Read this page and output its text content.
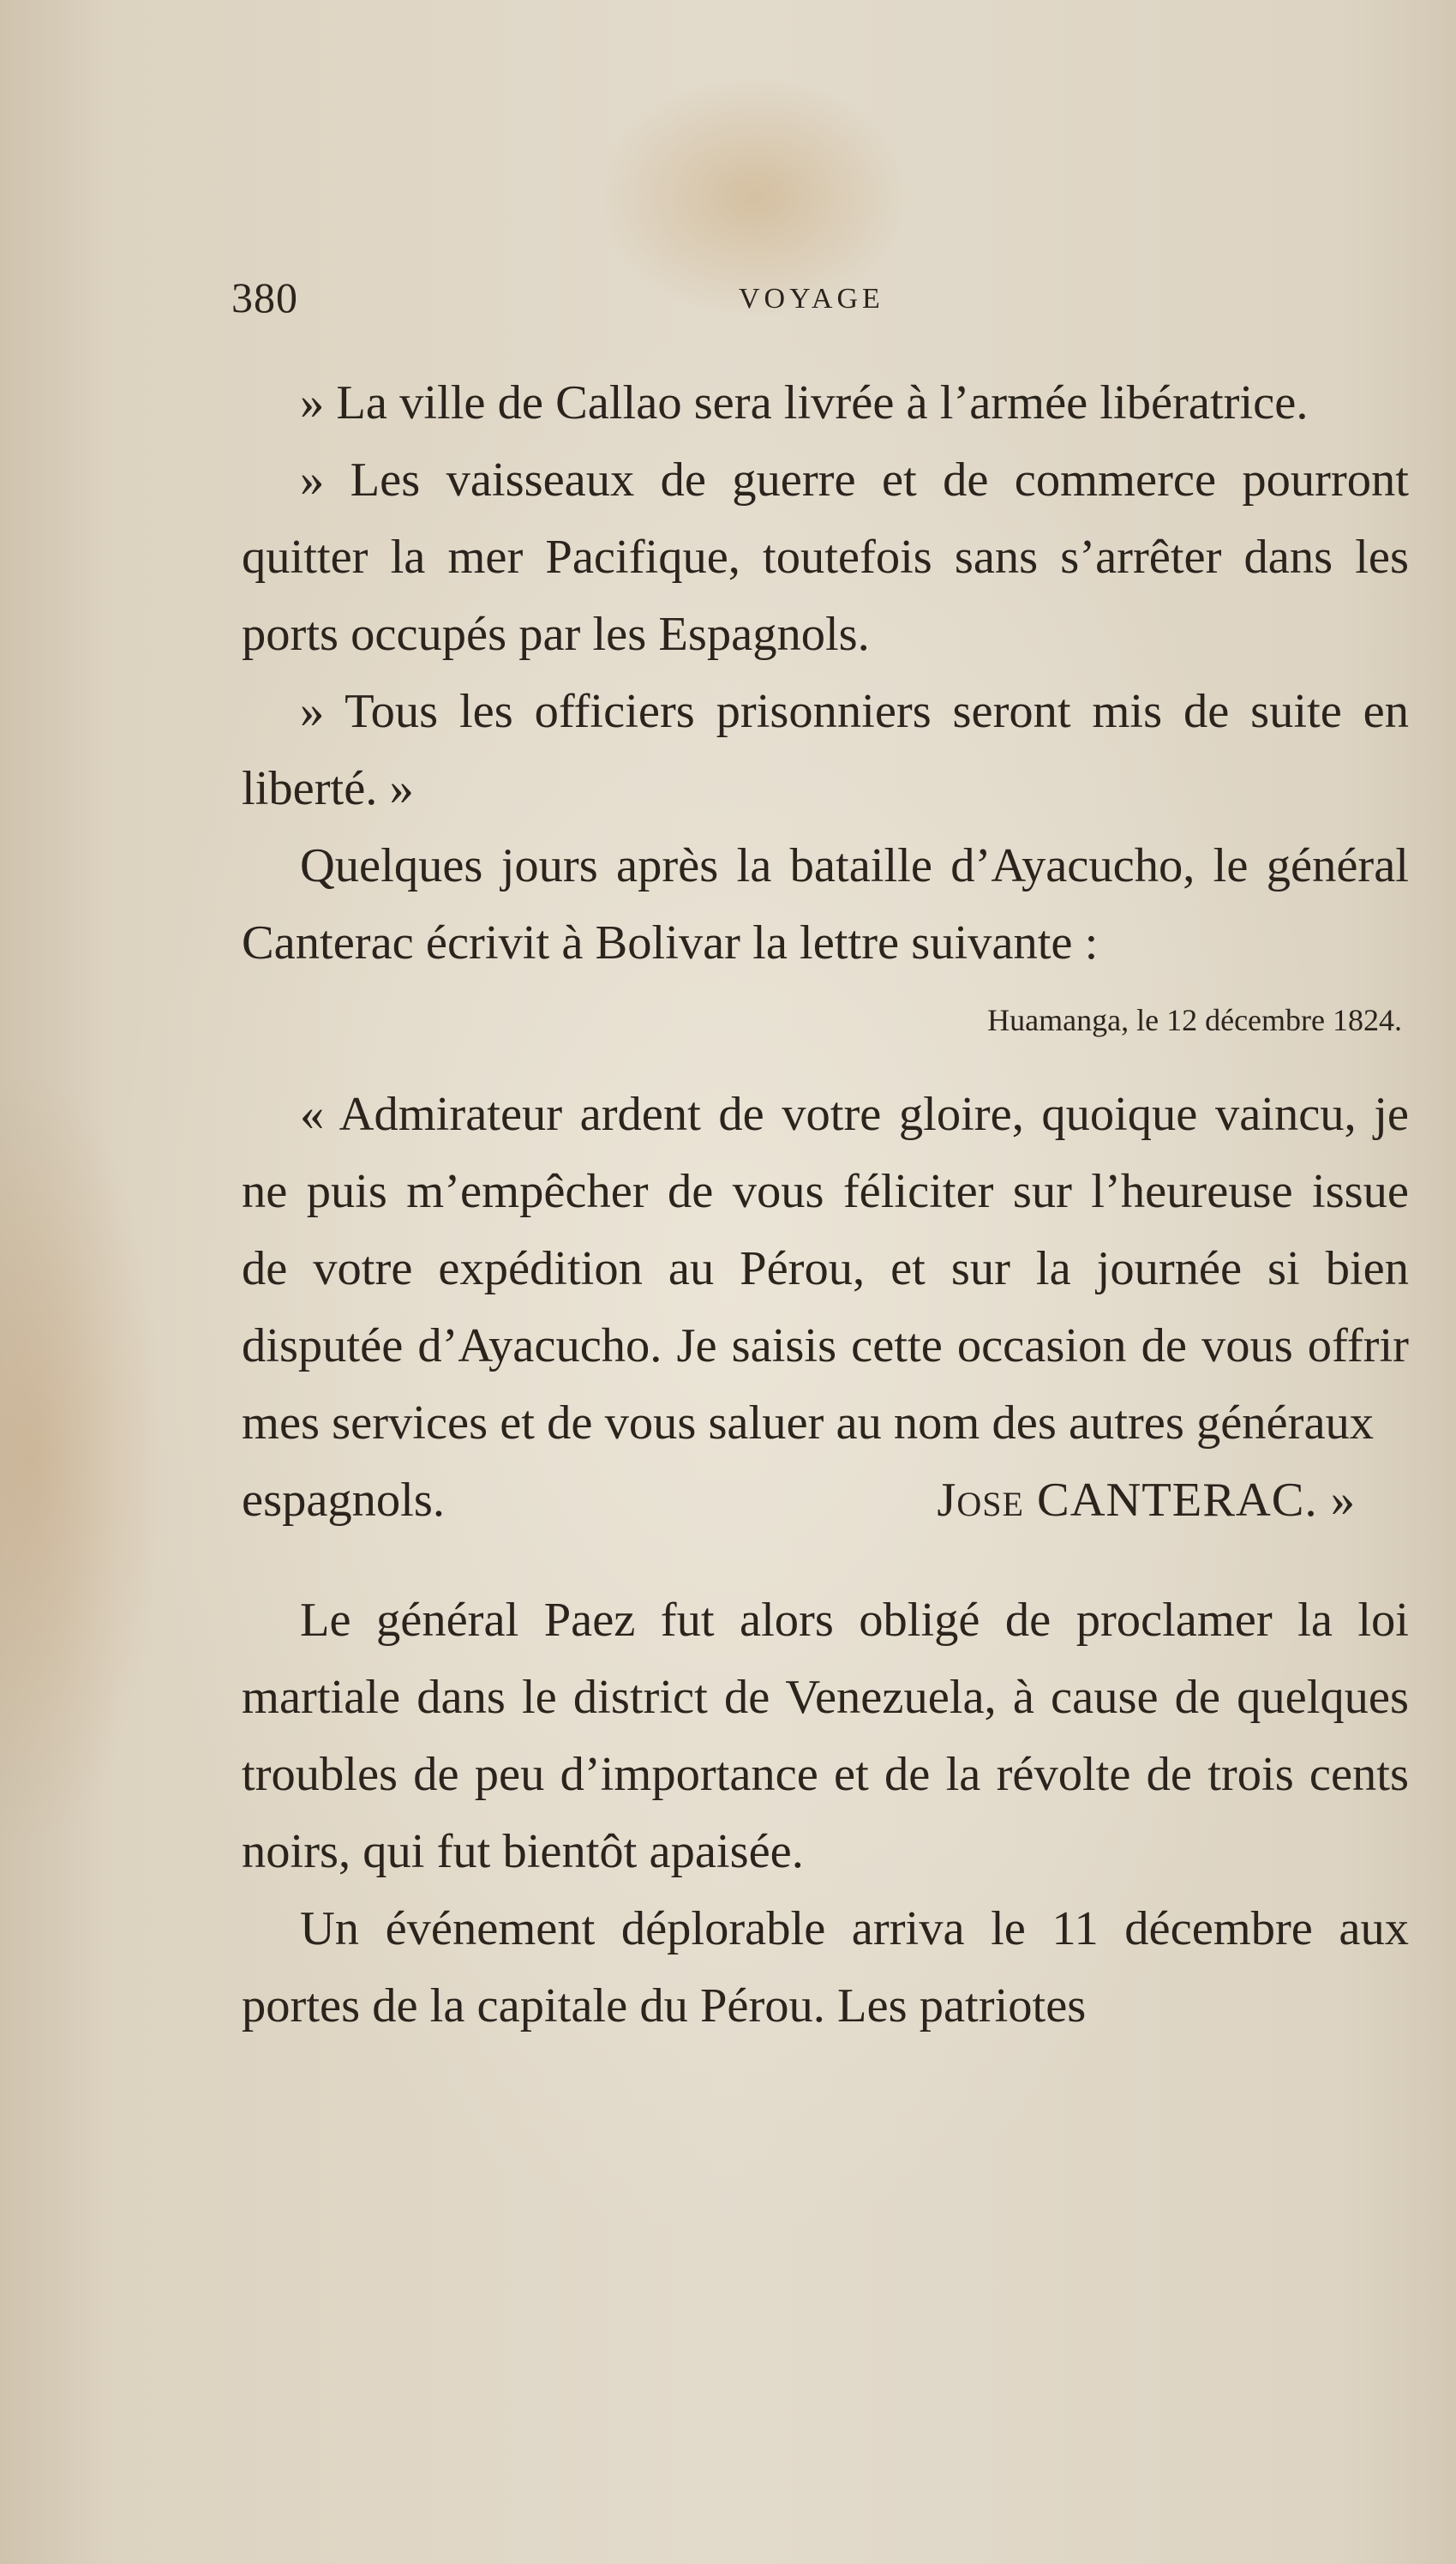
380	VOYAGE

» La ville de Callao sera livrée à l’armée libératrice.

» Les vaisseaux de guerre et de commerce pourront quitter la mer Pacifique, toutefois sans s’arrêter dans les ports occupés par les Espagnols.

» Tous les officiers prisonniers seront mis de suite en liberté. »

Quelques jours après la bataille d’Ayacucho, le général Canterac écrivit à Bolivar la lettre suivante :

Huamanga, le 12 décembre 1824.

« Admirateur ardent de votre gloire, quoique vaincu, je ne puis m’empêcher de vous féliciter sur l’heureuse issue de votre expédition au Pérou, et sur la journée si bien disputée d’Ayacucho. Je saisis cette occasion de vous offrir mes services et de vous saluer au nom des autres généraux

espagnols.	Jose CANTERAC. »

Le général Paez fut alors obligé de proclamer la loi martiale dans le district de Venezuela, à cause de quelques troubles de peu d’importance et de la révolte de trois cents noirs, qui fut bientôt apaisée.

Un événement déplorable arriva le 11 décembre aux portes de la capitale du Pérou. Les patriotes
